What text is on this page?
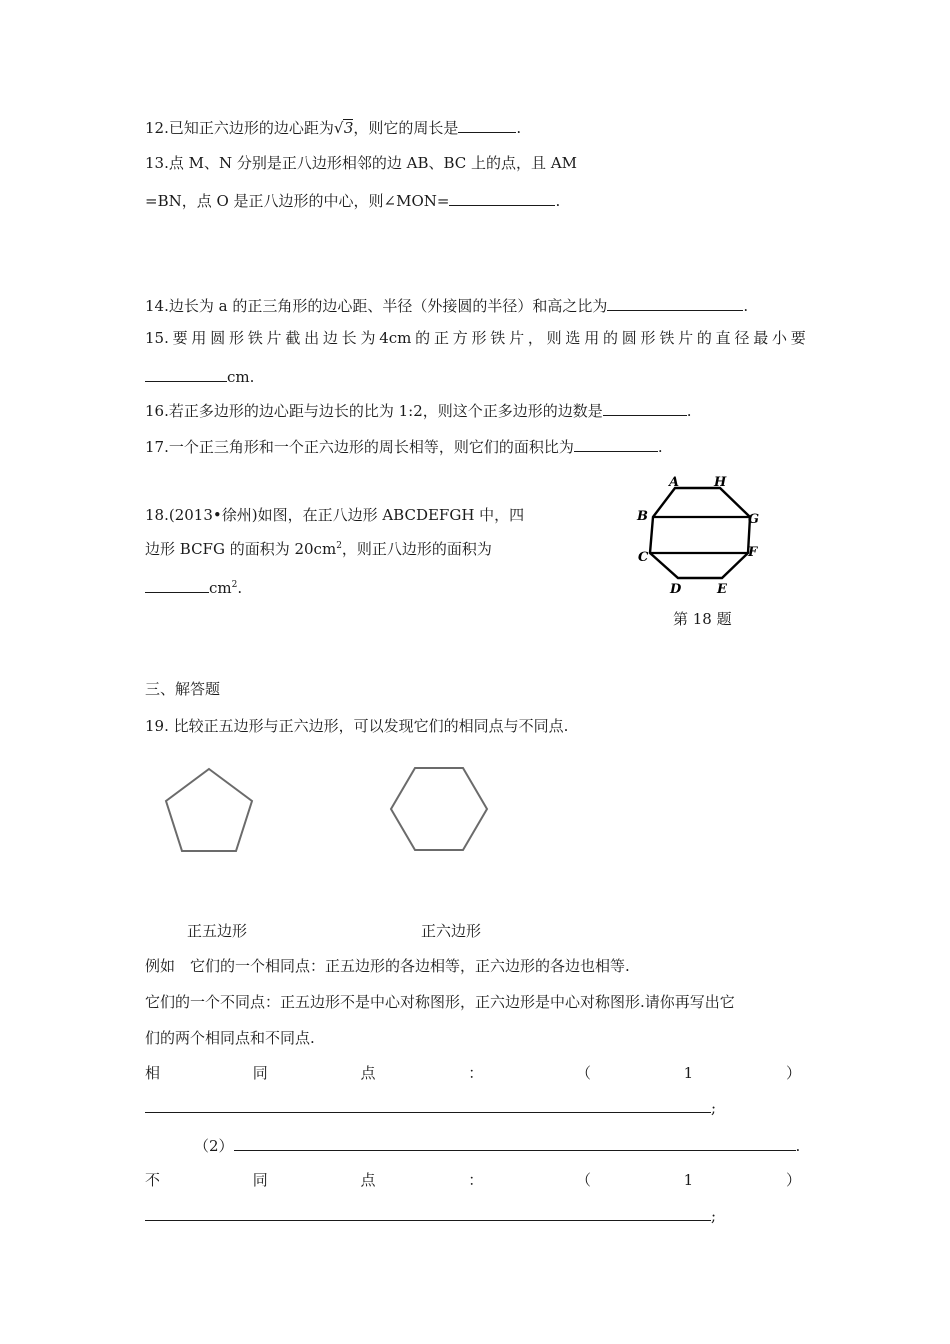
12.已知正六边形的边心距为 √ 3，则它的周长是	.
13.点 M、N 分别是正八边形相邻的边 AB、BC 上的点，且 AM
=BN，点 O 是正八边形的中心，则∠MON=	.
14.边长为 a 的正三角形的边心距、半径（外接圆的半径）和高之比为	.
15. 要 用 圆 形 铁 片 截 出 边 长 为 4cm 的 正 方 形 铁 片 ， 则 选 用 的 圆 形 铁 片 的 直 径 最 小 要
cm.
16.若正多边形的边心距与边长的比为 1:2，则这个正多边形的边数是	.
17.一个正三角形和一个正六边形的周长相等，则它们的面积比为	.
18.(2013•徐州)如图，在正八边形 ABCDEFGH 中，四
边形 BCFG 的面积为 $20cm^2$，则正八边形的面积为
$cm^2$.
A	H
B	G
C	F
D	E
第 18 题
三、解答题
19. 比较正五边形与正六边形，可以发现它们的相同点与不同点.
正五边形	正六边形
例如　它们的一个相同点：正五边形的各边相等，正六边形的各边也相等.
它们的一个不同点：正五边形不是中心对称图形，正六边形是中心对称图形.请你再写出它
们的两个相同点和不同点.
相	同	点	：	（	1	）
;
（2）	.
不	同	点	：	（	1	）
;
